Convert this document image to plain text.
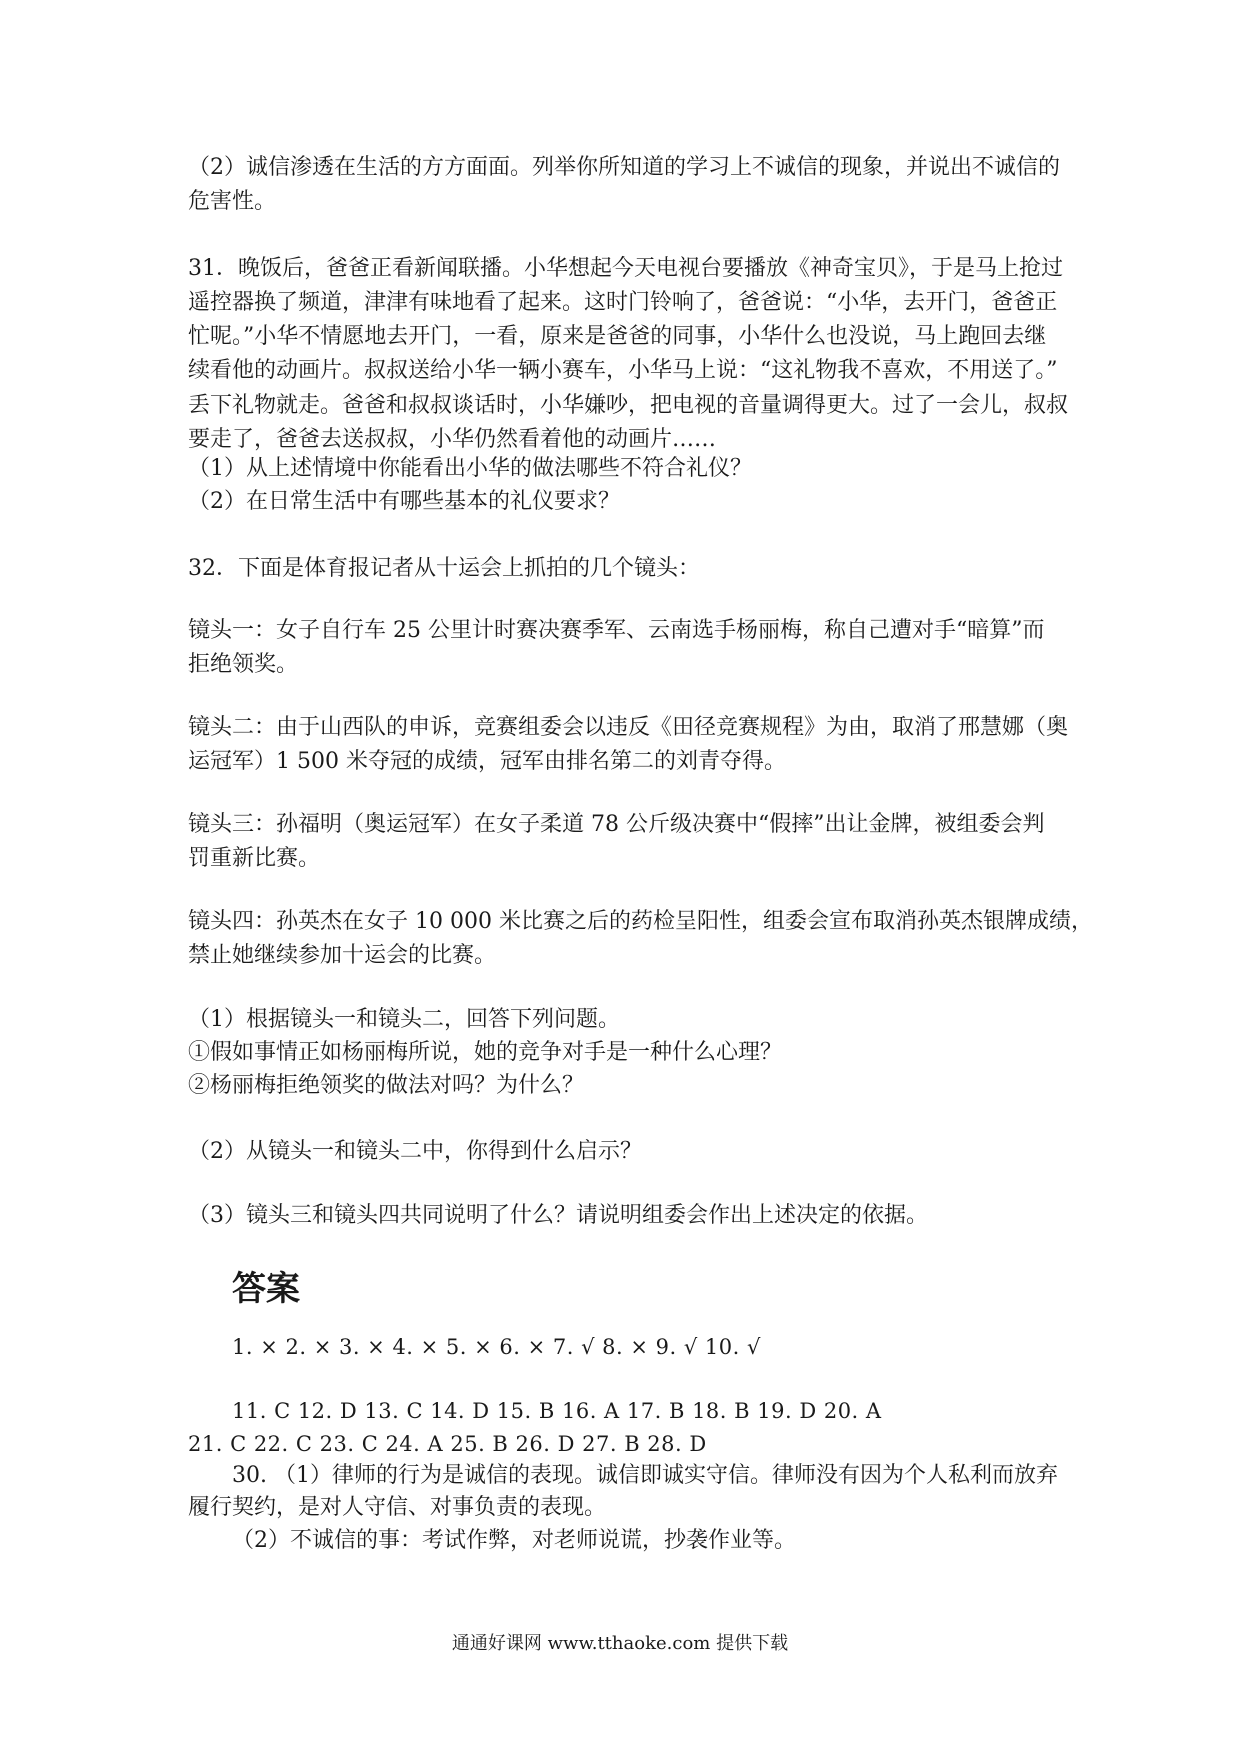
（2）诚信渗透在生活的方方面面。列举你所知道的学习上不诚信的现象，并说出不诚信的
危害性。
31．晚饭后，爸爸正看新闻联播。小华想起今天电视台要播放《神奇宝贝》，于是马上抢过
遥控器换了频道，津津有味地看了起来。这时门铃响了，爸爸说：“小华，去开门，爸爸正
忙呢。”小华不情愿地去开门，一看，原来是爸爸的同事，小华什么也没说，马上跑回去继
续看他的动画片。叔叔送给小华一辆小赛车，小华马上说：“这礼物我不喜欢，不用送了。”
丢下礼物就走。爸爸和叔叔谈话时，小华嫌吵，把电视的音量调得更大。过了一会儿，叔叔
要走了，爸爸去送叔叔，小华仍然看着他的动画片……
（1）从上述情境中你能看出小华的做法哪些不符合礼仪？
（2）在日常生活中有哪些基本的礼仪要求？
32．下面是体育报记者从十运会上抓拍的几个镜头：
镜头一：女子自行车 25 公里计时赛决赛季军、云南选手杨丽梅，称自己遭对手“暗算”而
拒绝领奖。
镜头二：由于山西队的申诉，竞赛组委会以违反《田径竞赛规程》为由，取消了邢慧娜（奥
运冠军）1 500 米夺冠的成绩，冠军由排名第二的刘青夺得。
镜头三：孙福明（奥运冠军）在女子柔道 78 公斤级决赛中“假摔”出让金牌，被组委会判
罚重新比赛。
镜头四：孙英杰在女子 10 000 米比赛之后的药检呈阳性，组委会宣布取消孙英杰银牌成绩，
禁止她继续参加十运会的比赛。
（1）根据镜头一和镜头二，回答下列问题。
①假如事情正如杨丽梅所说，她的竞争对手是一种什么心理？
②杨丽梅拒绝领奖的做法对吗？为什么？
（2）从镜头一和镜头二中，你得到什么启示？
（3）镜头三和镜头四共同说明了什么？请说明组委会作出上述决定的依据。
答案
1. × 2. × 3. × 4. × 5. × 6. × 7. √ 8. × 9. √ 10. √
11. C 12. D 13. C 14. D 15. B 16. A 17. B 18. B 19. D 20. A
21. C 22. C 23. C 24. A 25. B 26. D 27. B 28. D
30. （1）律师的行为是诚信的表现。诚信即诚实守信。律师没有因为个人私利而放弃
履行契约，是对人守信、对事负责的表现。
（2）不诚信的事：考试作弊，对老师说谎，抄袭作业等。
通通好课网 www.tthaoke.com 提供下载
